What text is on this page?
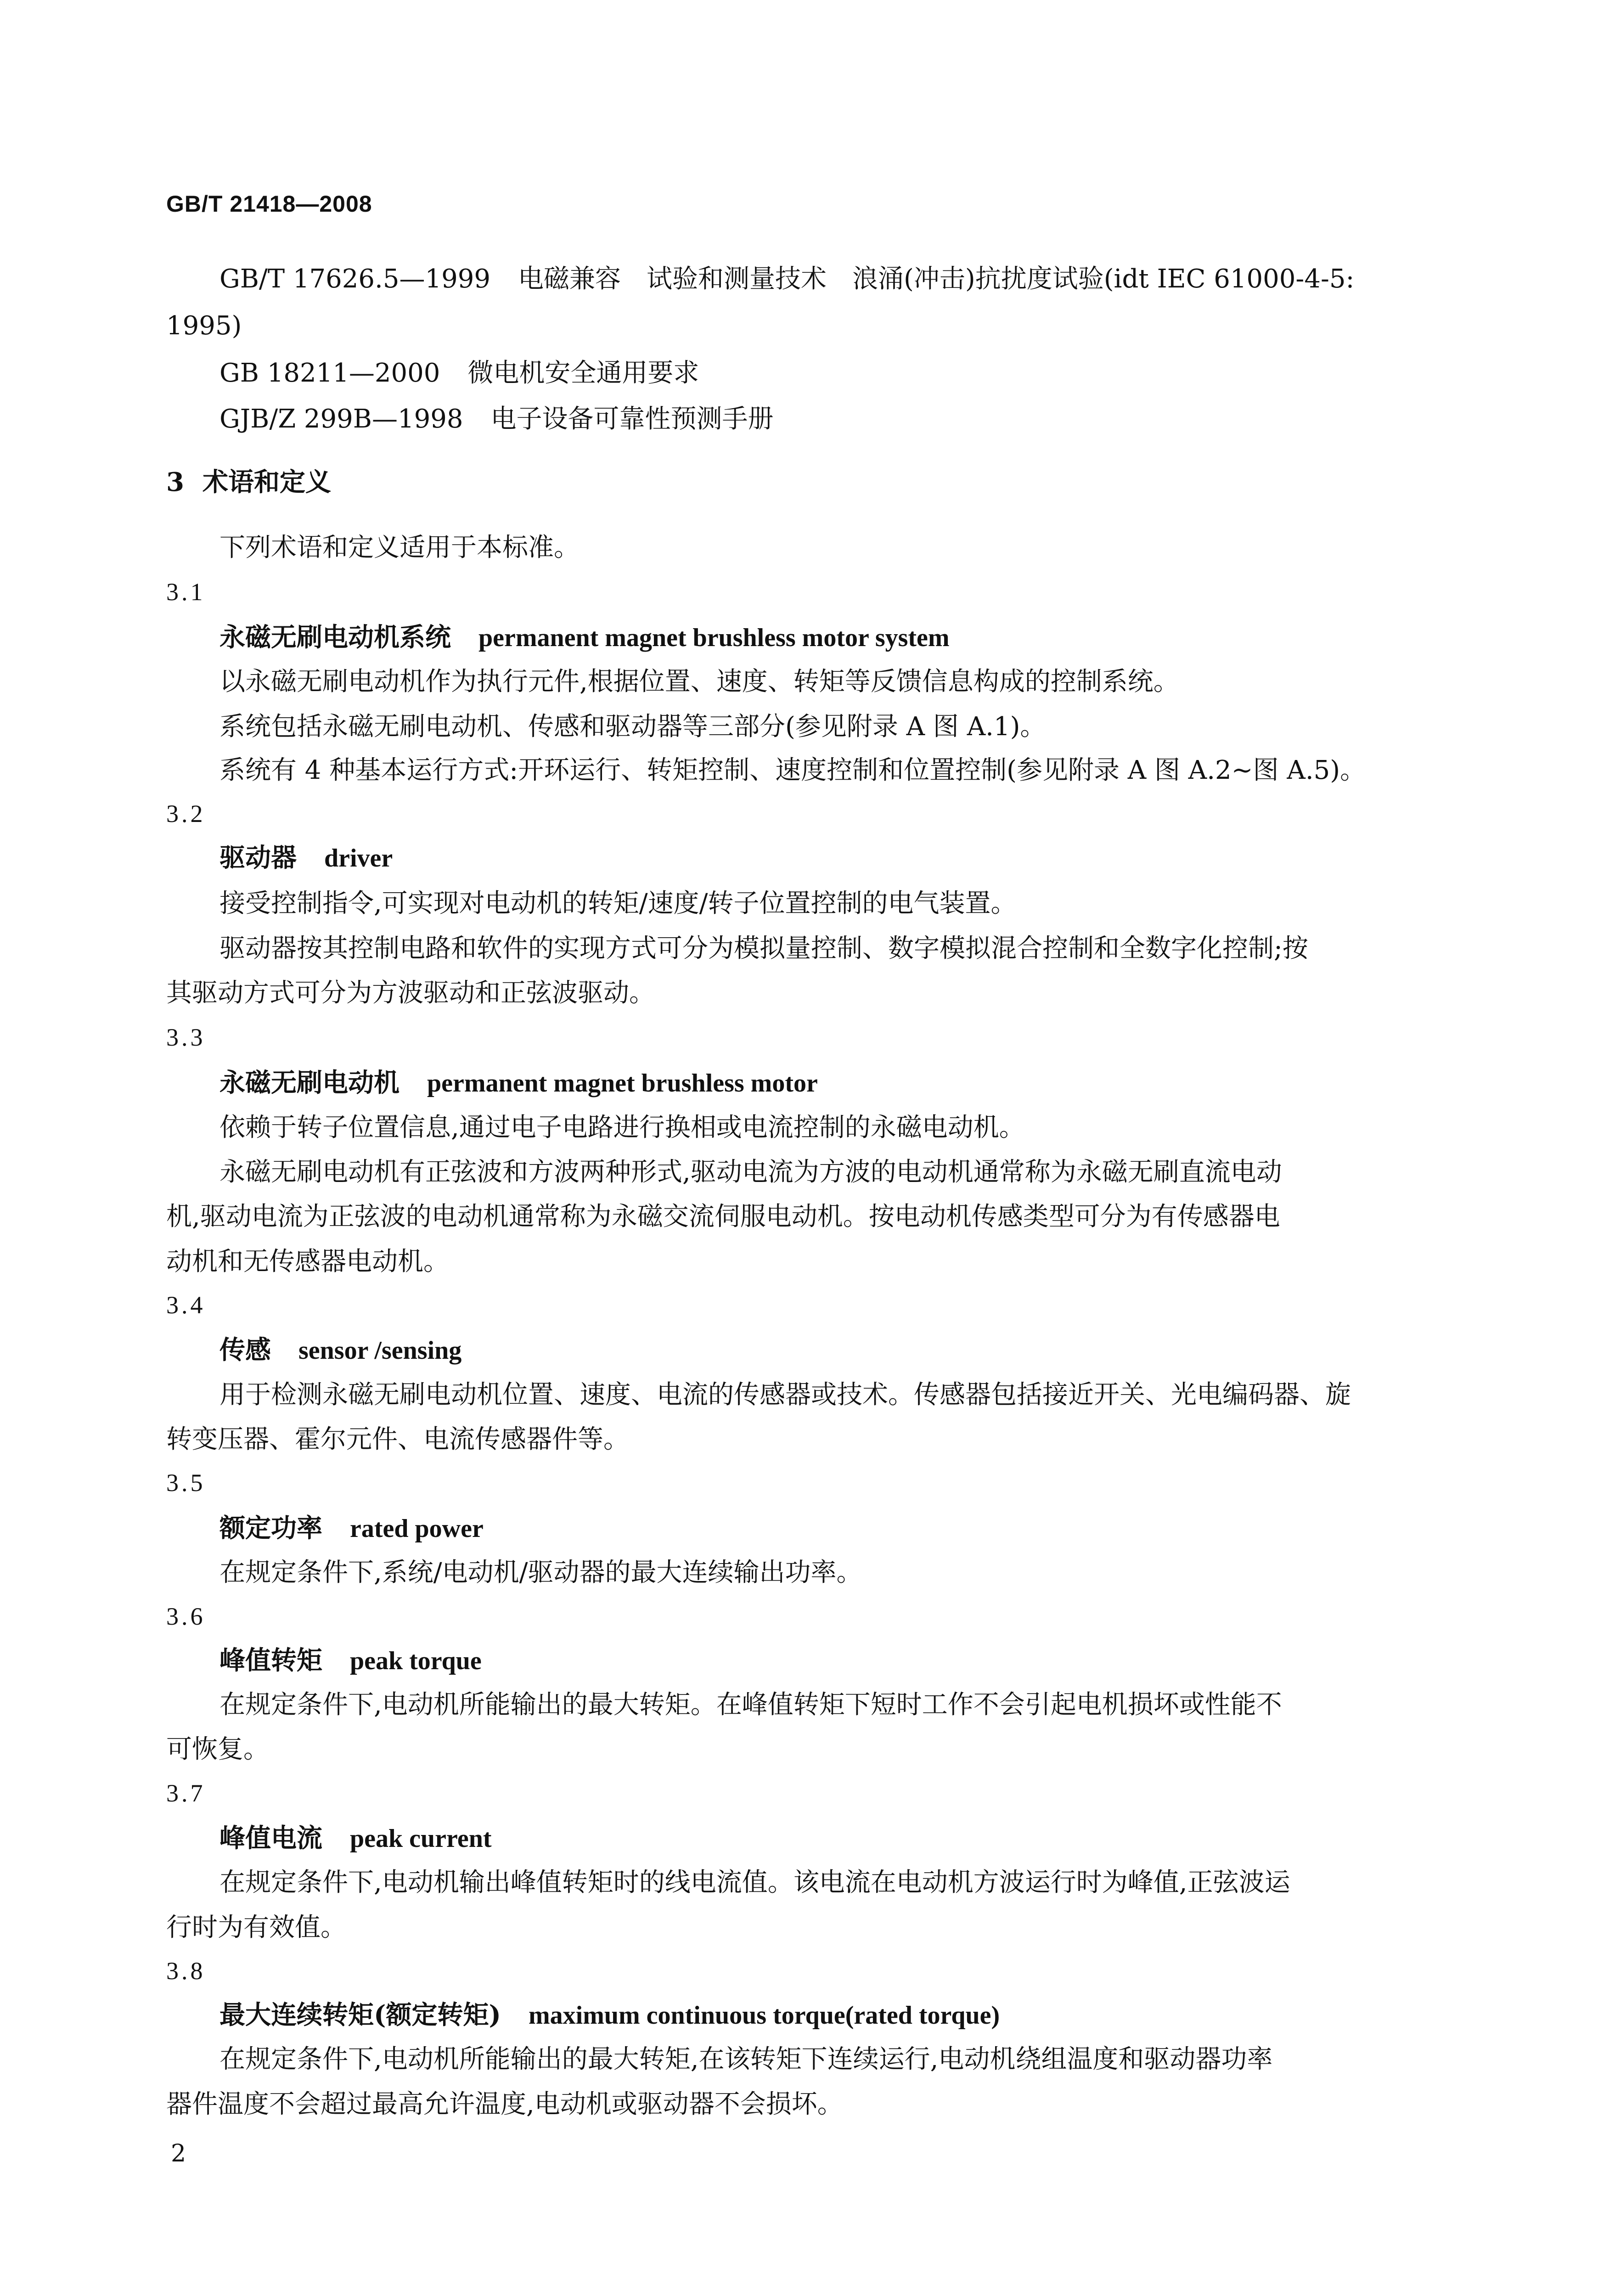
GB/T 21418—2008
GB/T 17626.5—1999 电磁兼容　试验和测量技术　浪涌(冲击)抗扰度试验(idt IEC 61000-4-5:
1995)
GB 18211—2000 微电机安全通用要求
GJB/Z 299B—1998 电子设备可靠性预测手册
3 术语和定义
下列术语和定义适用于本标准。
3.1
永磁无刷电动机系统 permanent magnet brushless motor system
以永磁无刷电动机作为执行元件,根据位置、速度、转矩等反馈信息构成的控制系统。
系统包括永磁无刷电动机、传感和驱动器等三部分(参见附录 A 图 A.1)。
系统有 4 种基本运行方式:开环运行、转矩控制、速度控制和位置控制(参见附录 A 图 A.2~图 A.5)。
3.2
驱动器 driver
接受控制指令,可实现对电动机的转矩/速度/转子位置控制的电气装置。
驱动器按其控制电路和软件的实现方式可分为模拟量控制、数字模拟混合控制和全数字化控制;按
其驱动方式可分为方波驱动和正弦波驱动。
3.3
永磁无刷电动机 permanent magnet brushless motor
依赖于转子位置信息,通过电子电路进行换相或电流控制的永磁电动机。
永磁无刷电动机有正弦波和方波两种形式,驱动电流为方波的电动机通常称为永磁无刷直流电动
机,驱动电流为正弦波的电动机通常称为永磁交流伺服电动机。按电动机传感类型可分为有传感器电
动机和无传感器电动机。
3.4
传感 sensor /sensing
用于检测永磁无刷电动机位置、速度、电流的传感器或技术。传感器包括接近开关、光电编码器、旋
转变压器、霍尔元件、电流传感器件等。
3.5
额定功率 rated power
在规定条件下,系统/电动机/驱动器的最大连续输出功率。
3.6
峰值转矩 peak torque
在规定条件下,电动机所能输出的最大转矩。在峰值转矩下短时工作不会引起电机损坏或性能不
可恢复。
3.7
峰值电流 peak current
在规定条件下,电动机输出峰值转矩时的线电流值。该电流在电动机方波运行时为峰值,正弦波运
行时为有效值。
3.8
最大连续转矩(额定转矩) maximum continuous torque(rated torque)
在规定条件下,电动机所能输出的最大转矩,在该转矩下连续运行,电动机绕组温度和驱动器功率
器件温度不会超过最高允许温度,电动机或驱动器不会损坏。
2
